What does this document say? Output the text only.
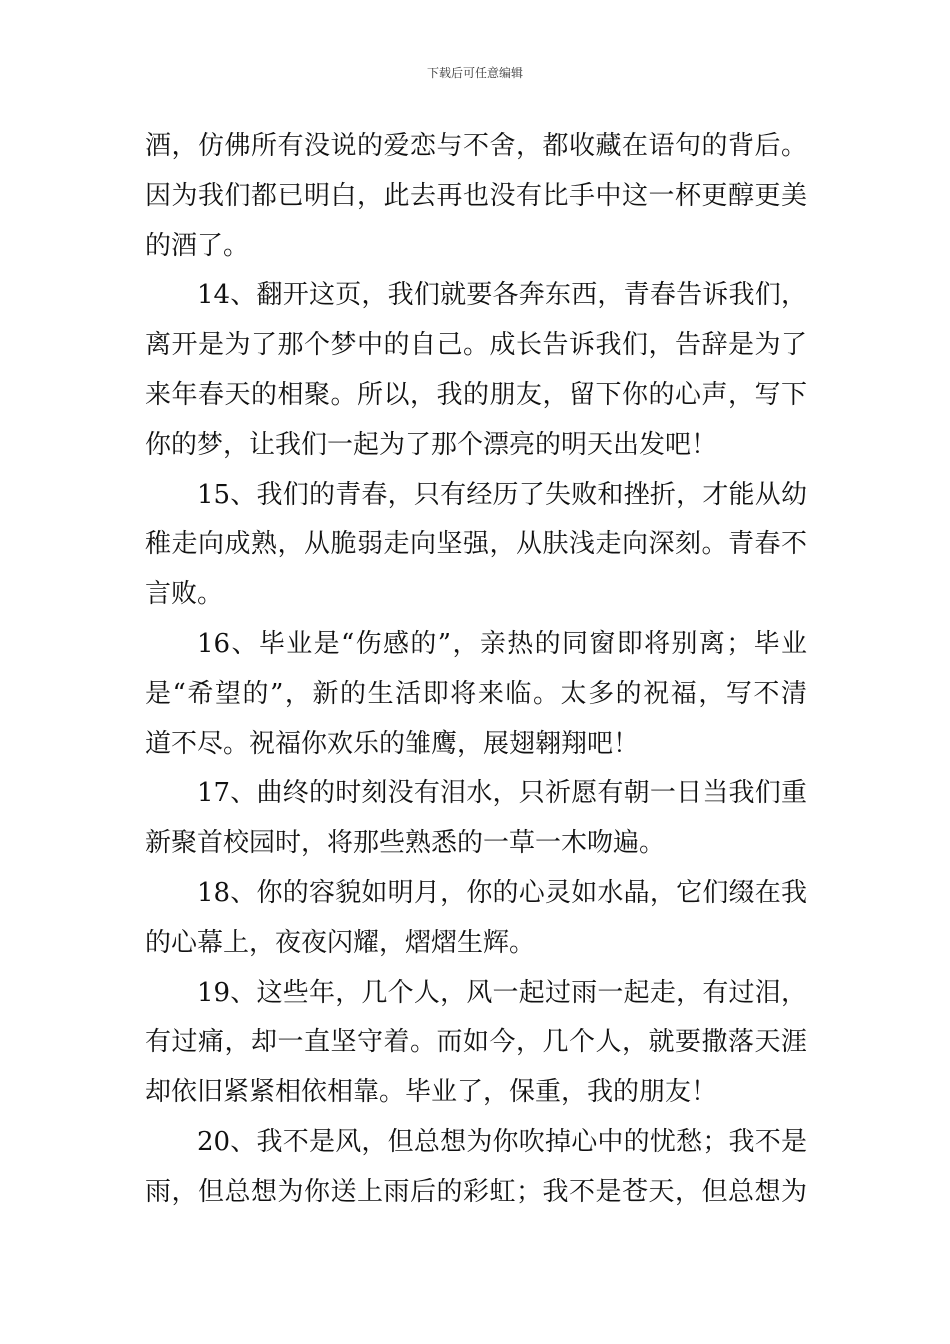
下载后可任意编辑
酒，仿佛所有没说的爱恋与不舍，都收藏在语句的背后。
因为我们都已明白，此去再也没有比手中这一杯更醇更美
的酒了。
14、翻开这页，我们就要各奔东西，青春告诉我们，
离开是为了那个梦中的自己。成长告诉我们，告辞是为了
来年春天的相聚。所以，我的朋友，留下你的心声，写下
你的梦，让我们一起为了那个漂亮的明天出发吧！
15、我们的青春，只有经历了失败和挫折，才能从幼
稚走向成熟，从脆弱走向坚强，从肤浅走向深刻。青春不
言败。
16、毕业是“伤感的”，亲热的同窗即将别离；毕业
是“希望的”，新的生活即将来临。太多的祝福，写不清
道不尽。祝福你欢乐的雏鹰，展翅翱翔吧！
17、曲终的时刻没有泪水，只祈愿有朝一日当我们重
新聚首校园时，将那些熟悉的一草一木吻遍。
18、你的容貌如明月，你的心灵如水晶，它们缀在我
的心幕上，夜夜闪耀，熠熠生辉。
19、这些年，几个人，风一起过雨一起走，有过泪，
有过痛，却一直坚守着。而如今，几个人，就要撒落天涯
却依旧紧紧相依相靠。毕业了，保重，我的朋友！
20、我不是风，但总想为你吹掉心中的忧愁；我不是
雨，但总想为你送上雨后的彩虹；我不是苍天，但总想为
